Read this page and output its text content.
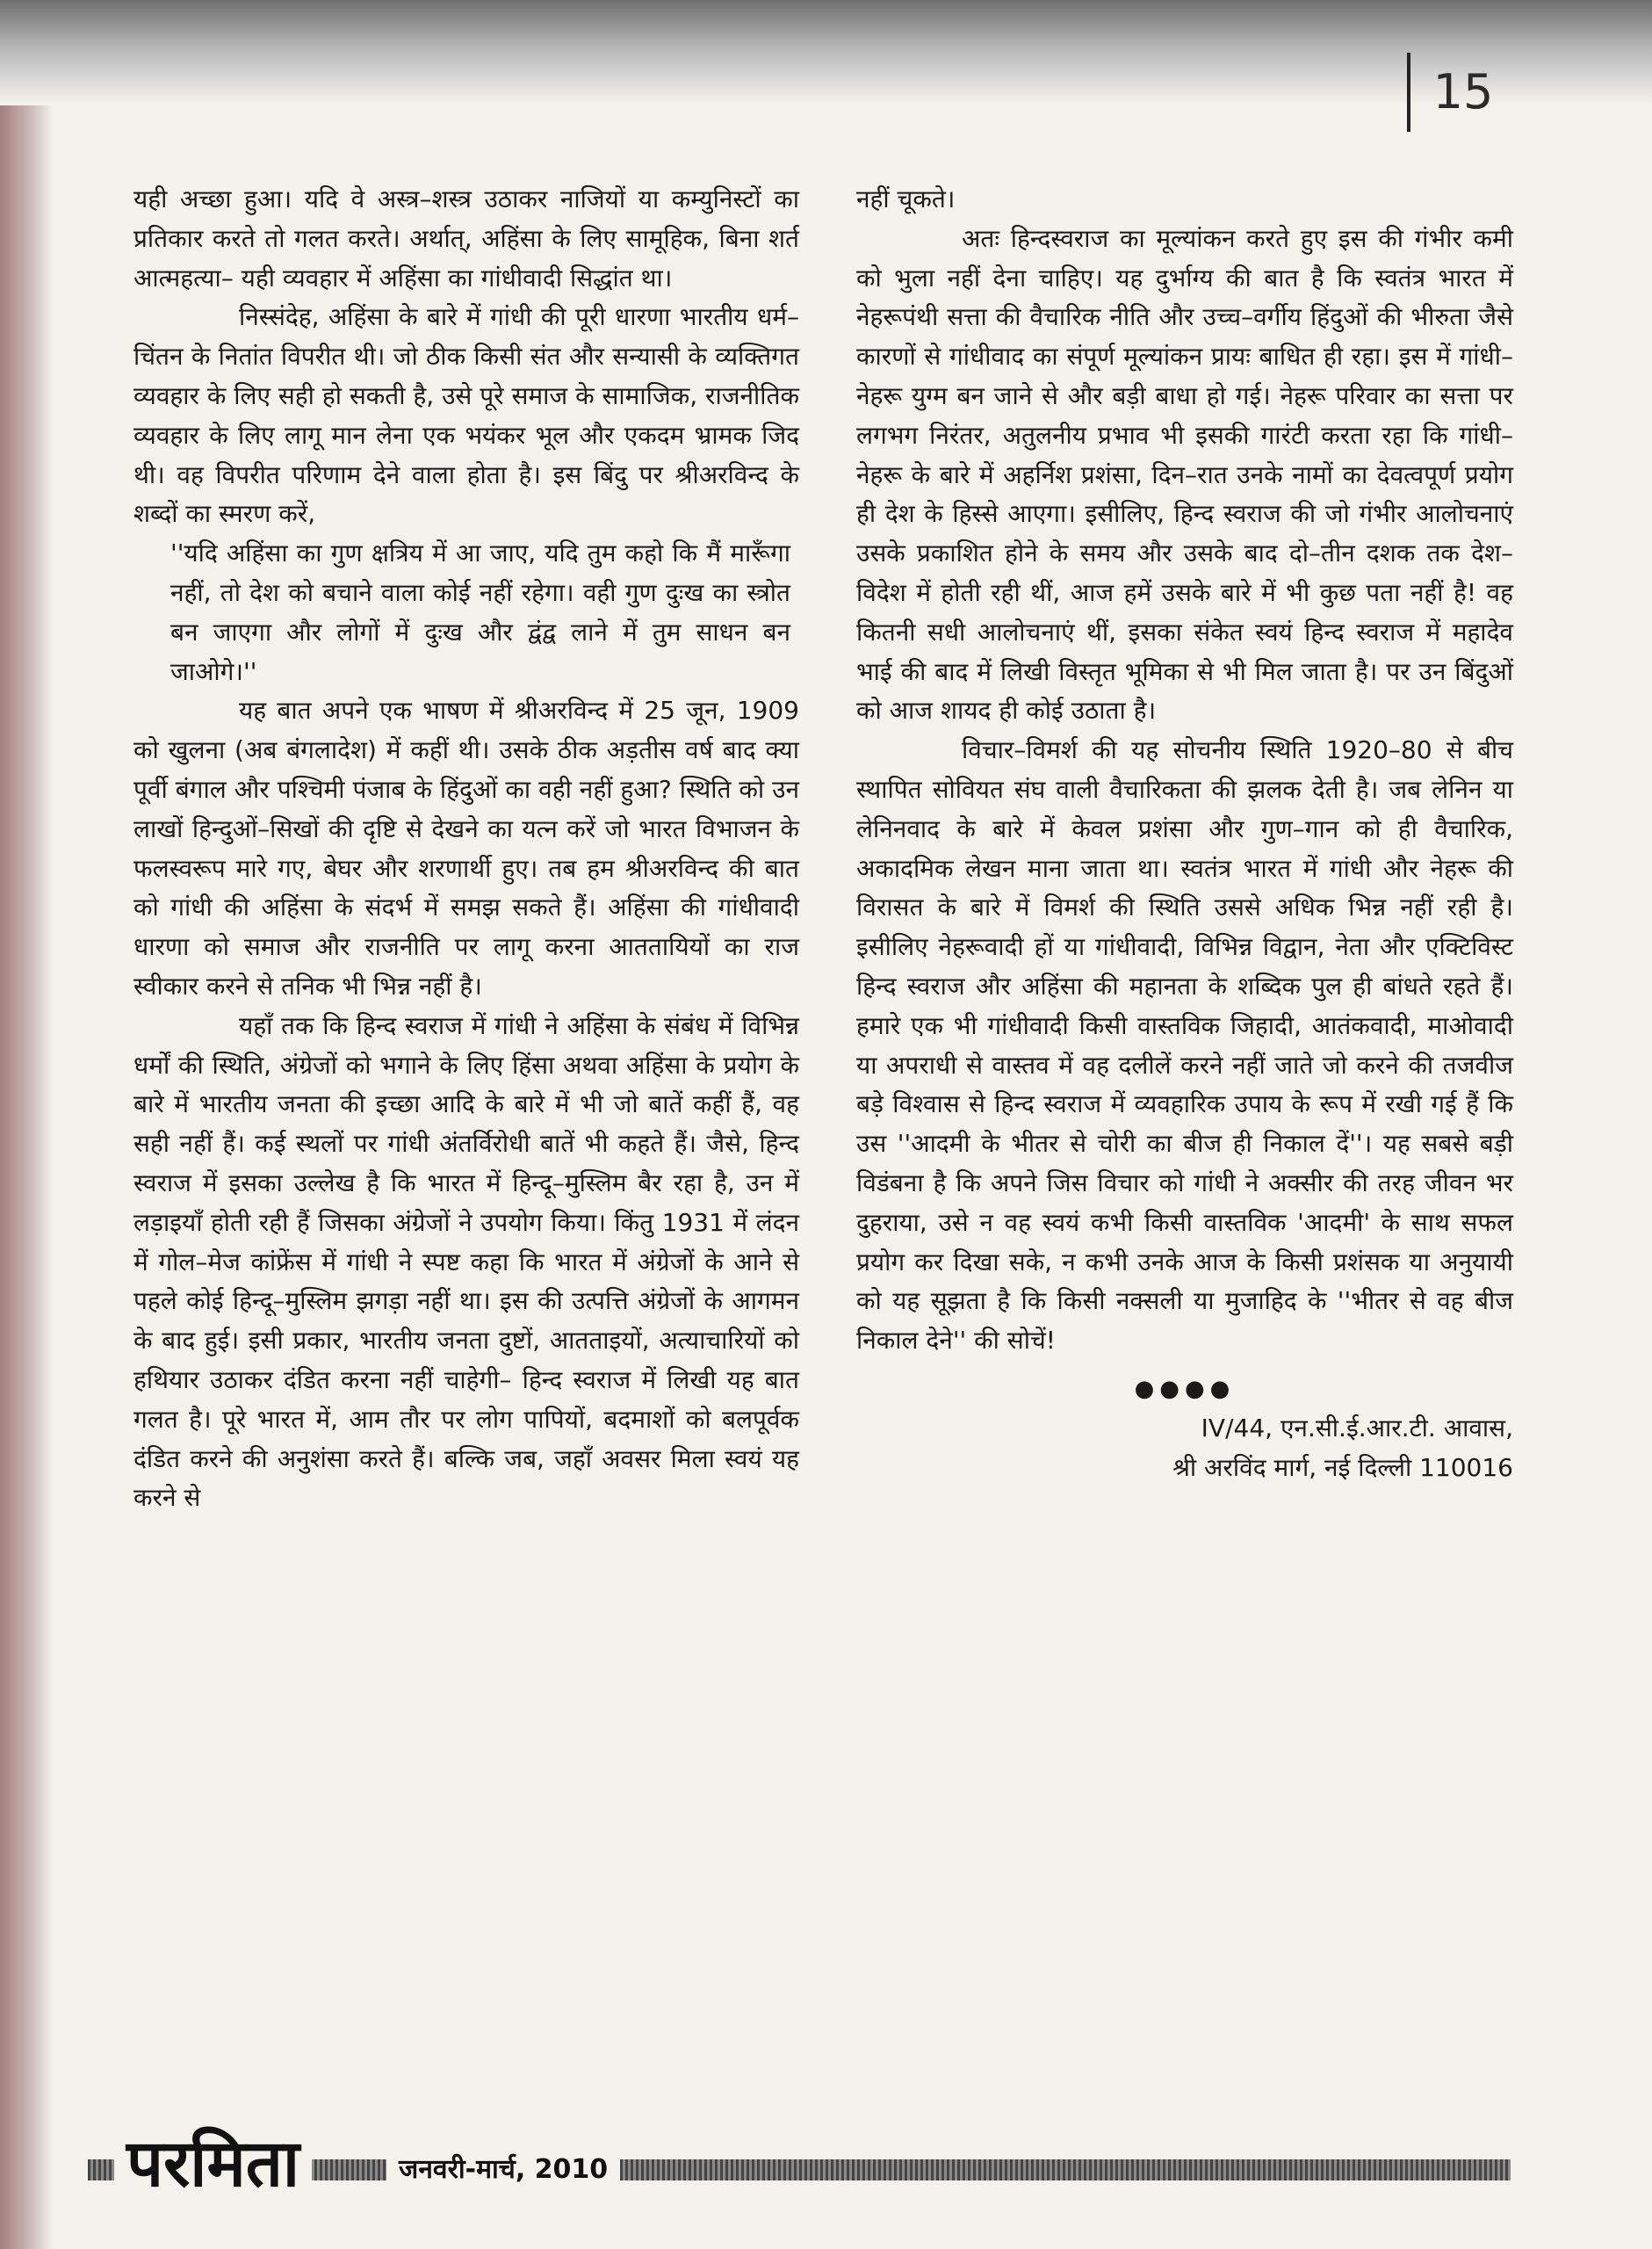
15

यही अच्छा हुआ। यदि वे अस्त्र–शस्त्र उठाकर नाजियों या कम्युनिस्टों का प्रतिकार करते तो गलत करते। अर्थात्, अहिंसा के लिए सामूहिक, बिना शर्त आत्महत्या– यही व्यवहार में अहिंसा का गांधीवादी सिद्धांत था।

निस्संदेह, अहिंसा के बारे में गांधी की पूरी धारणा भारतीय धर्म–चिंतन के नितांत विपरीत थी। जो ठीक किसी संत और सन्यासी के व्यक्तिगत व्यवहार के लिए सही हो सकती है, उसे पूरे समाज के सामाजिक, राजनीतिक व्यवहार के लिए लागू मान लेना एक भयंकर भूल और एकदम भ्रामक जिद थी। वह विपरीत परिणाम देने वाला होता है। इस बिंदु पर श्रीअरविन्द के शब्दों का स्मरण करें,

''यदि अहिंसा का गुण क्षत्रिय में आ जाए, यदि तुम कहो कि मैं मारूँगा नहीं, तो देश को बचाने वाला कोई नहीं रहेगा। वही गुण दुःख का स्त्रोत बन जाएगा और लोगों में दुःख और द्वंद्व लाने में तुम साधन बन जाओगे।''

यह बात अपने एक भाषण में श्रीअरविन्द में 25 जून, 1909 को खुलना (अब बंगलादेश) में कहीं थी। उसके ठीक अड़तीस वर्ष बाद क्या पूर्वी बंगाल और पश्चिमी पंजाब के हिंदुओं का वही नहीं हुआ? स्थिति को उन लाखों हिन्दुओं–सिखों की दृष्टि से देखने का यत्न करें जो भारत विभाजन के फलस्वरूप मारे गए, बेघर और शरणार्थी हुए। तब हम श्रीअरविन्द की बात को गांधी की अहिंसा के संदर्भ में समझ सकते हैं। अहिंसा की गांधीवादी धारणा को समाज और राजनीति पर लागू करना आततायियों का राज स्वीकार करने से तनिक भी भिन्न नहीं है।

यहाँ तक कि हिन्द स्वराज में गांधी ने अहिंसा के संबंध में विभिन्न धर्मों की स्थिति, अंग्रेजों को भगाने के लिए हिंसा अथवा अहिंसा के प्रयोग के बारे में भारतीय जनता की इच्छा आदि के बारे में भी जो बातें कहीं हैं, वह सही नहीं हैं। कई स्थलों पर गांधी अंतर्विरोधी बातें भी कहते हैं। जैसे, हिन्द स्वराज में इसका उल्लेख है कि भारत में हिन्दू–मुस्लिम बैर रहा है, उन में लड़ाइयाँ होती रही हैं जिसका अंग्रेजों ने उपयोग किया। किंतु 1931 में लंदन में गोल–मेज कांफ्रेंस में गांधी ने स्पष्ट कहा कि भारत में अंग्रेजों के आने से पहले कोई हिन्दू–मुस्लिम झगड़ा नहीं था। इस की उत्पत्ति अंग्रेजों के आगमन के बाद हुई। इसी प्रकार, भारतीय जनता दुष्टों, आतताइयों, अत्याचारियों को हथियार उठाकर दंडित करना नहीं चाहेगी– हिन्द स्वराज में लिखी यह बात गलत है। पूरे भारत में, आम तौर पर लोग पापियों, बदमाशों को बलपूर्वक दंडित करने की अनुशंसा करते हैं। बल्कि जब, जहाँ अवसर मिला स्वयं यह करने से

नहीं चूकते।

अतः हिन्दस्वराज का मूल्यांकन करते हुए इस की गंभीर कमी को भुला नहीं देना चाहिए। यह दुर्भाग्य की बात है कि स्वतंत्र भारत में नेहरूपंथी सत्ता की वैचारिक नीति और उच्च–वर्गीय हिंदुओं की भीरुता जैसे कारणों से गांधीवाद का संपूर्ण मूल्यांकन प्रायः बाधित ही रहा। इस में गांधी–नेहरू युग्म बन जाने से और बड़ी बाधा हो गई। नेहरू परिवार का सत्ता पर लगभग निरंतर, अतुलनीय प्रभाव भी इसकी गारंटी करता रहा कि गांधी–नेहरू के बारे में अहर्निश प्रशंसा, दिन–रात उनके नामों का देवत्वपूर्ण प्रयोग ही देश के हिस्से आएगा। इसीलिए, हिन्द स्वराज की जो गंभीर आलोचनाएं उसके प्रकाशित होने के समय और उसके बाद दो–तीन दशक तक देश–विदेश में होती रही थीं, आज हमें उसके बारे में भी कुछ पता नहीं है! वह कितनी सधी आलोचनाएं थीं, इसका संकेत स्वयं हिन्द स्वराज में महादेव भाई की बाद में लिखी विस्तृत भूमिका से भी मिल जाता है। पर उन बिंदुओं को आज शायद ही कोई उठाता है।

विचार–विमर्श की यह सोचनीय स्थिति 1920–80 से बीच स्थापित सोवियत संघ वाली वैचारिकता की झलक देती है। जब लेनिन या लेनिनवाद के बारे में केवल प्रशंसा और गुण–गान को ही वैचारिक, अकादमिक लेखन माना जाता था। स्वतंत्र भारत में गांधी और नेहरू की विरासत के बारे में विमर्श की स्थिति उससे अधिक भिन्न नहीं रही है। इसीलिए नेहरूवादी हों या गांधीवादी, विभिन्न विद्वान, नेता और एक्टिविस्ट हिन्द स्वराज और अहिंसा की महानता के शब्दिक पुल ही बांधते रहते हैं। हमारे एक भी गांधीवादी किसी वास्तविक जिहादी, आतंकवादी, माओवादी या अपराधी से वास्तव में वह दलीलें करने नहीं जाते जो करने की तजवीज बड़े विश्वास से हिन्द स्वराज में व्यवहारिक उपाय के रूप में रखी गई हैं कि उस ''आदमी के भीतर से चोरी का बीज ही निकाल दें''। यह सबसे बड़ी विडंबना है कि अपने जिस विचार को गांधी ने अक्सीर की तरह जीवन भर दुहराया, उसे न वह स्वयं कभी किसी वास्तविक 'आदमी' के साथ सफल प्रयोग कर दिखा सके, न कभी उनके आज के किसी प्रशंसक या अनुयायी को यह सूझता है कि किसी नक्सली या मुजाहिद के ''भीतर से वह बीज निकाल देने'' की सोचें!

●●●●

IV/44, एन.सी.ई.आर.टी. आवास,

श्री अरविंद मार्ग, नई दिल्ली 110016

परमिता	जनवरी-मार्च, 2010
